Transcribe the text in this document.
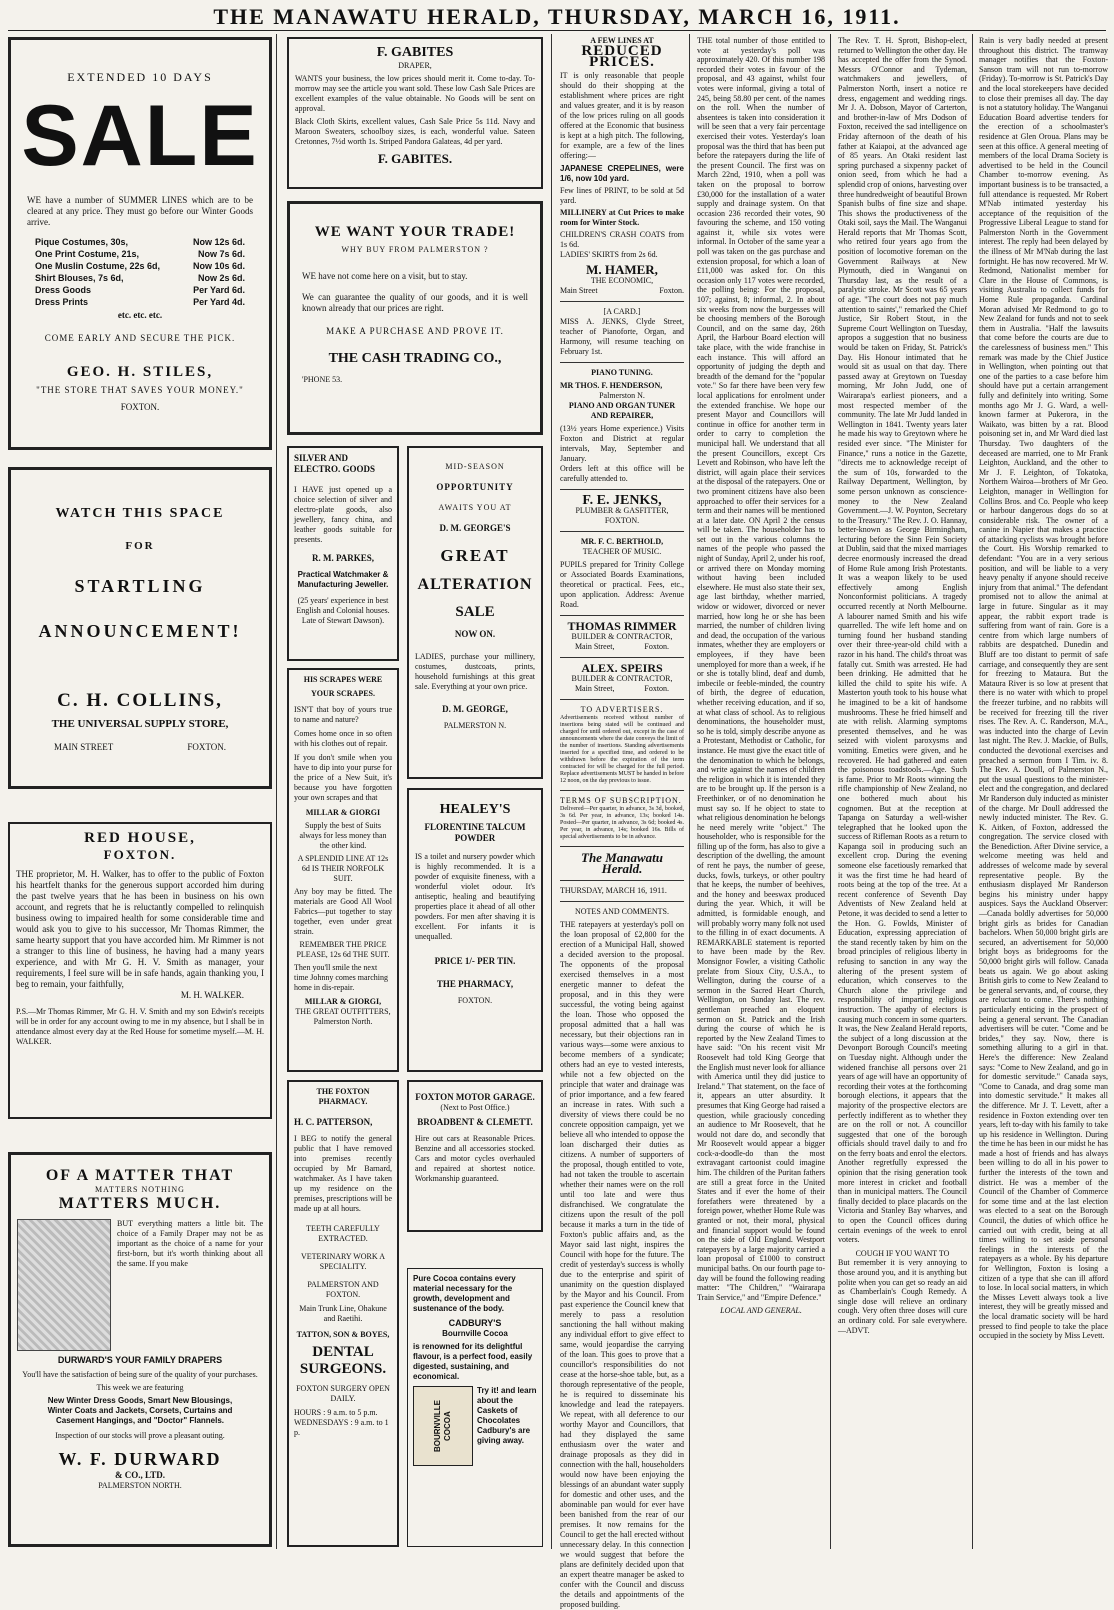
THE MANAWATU HERALD, THURSDAY, MARCH 16, 1911.
EXTENDED 10 DAYS
SALE
WE have a number of SUMMER LINES which are to be cleared at any price. They must go before our Winter Goods arrive.
Pique Costumes, 30s,	Now 12s 6d.
One Print Costume, 21s,	Now 7s 6d.
One Muslin Costume, 22s 6d,	Now 10s 6d.
Shirt Blouses, 7s 6d,	Now 2s 6d.
Dress Goods	Per Yard 6d.
Dress Prints	Per Yard 4d.
etc. etc. etc.
COME EARLY AND SECURE THE PICK.
GEO. H. STILES,
"THE STORE THAT SAVES YOUR MONEY."
FOXTON.
WATCH THIS SPACE
FOR
STARTLING
ANNOUNCEMENT!
C. H. COLLINS,
THE UNIVERSAL SUPPLY STORE,
MAIN STREET	FOXTON.
RED HOUSE,
FOXTON.
THE proprietor, M. H. Walker, has to offer to the public of Foxton his heartfelt thanks for the generous support accorded him during the past twelve years that he has been in business on his own account, and regrets that he is reluctantly compelled to relinquish business owing to impaired health for some considerable time and would ask you to give to his successor, Mr Thomas Rimmer, the same hearty support that you have accorded him. Mr Rimmer is not a stranger to this line of business, he having had a many years experience, and with Mr G. H. V. Smith as manager, your requirements, I feel sure will be in safe hands, again thanking you, I beg to remain, your faithfully,
M. H. WALKER.
P.S.—Mr Thomas Rimmer, Mr G. H. V. Smith and my son Edwin's receipts will be in order for any account owing to me in my absence, but I shall be in attendance almost every day at the Red House for sometime myself.—M. H. WALKER.
OF A MATTER THAT
MATTERS NOTHING
MATTERS MUCH.
BUT everything matters a little bit. The choice of a Family Draper may not be as important as the choice of a name for your first-born, but it's worth thinking about all the same. If you make
DURWARD'S YOUR FAMILY DRAPERS
You'll have the satisfaction of being sure of the quality of your purchases.
This week we are featuring
New Winter Dress Goods, Smart New Blousings, Winter Coats and Jackets, Corsets, Curtains and Casement Hangings, and "Doctor" Flannels.
Inspection of our stocks will prove a pleasant outing.
W. F. DURWARD
& CO., LTD.
PALMERSTON NORTH.
F. GABITES
DRAPER,
WANTS your business, the low prices should merit it. Come to-day. To-morrow may see the article you want sold. These low Cash Sale Prices are excellent examples of the value obtainable. No Goods will be sent on approval.
Black Cloth Skirts, excellent values, Cash Sale Price 5s 11d. Navy and Maroon Sweaters, schoolboy sizes, is each, wonderful value. Sateen Cretonnes, 7½d worth 1s. Striped Pandora Galateas, 4d per yard.
F. GABITES.
WE WANT YOUR TRADE!
WHY BUY FROM PALMERSTON ?
WE have not come here on a visit, but to stay.
We can guarantee the quality of our goods, and it is well known already that our prices are right.
MAKE A PURCHASE AND PROVE IT.
THE CASH TRADING CO.,
'PHONE 53.
SILVER AND ELECTRO. GOODS
I HAVE just opened up a choice selection of silver and electro-plate goods, also jewellery, fancy china, and leather goods suitable for presents.
R. M. PARKES,
Practical Watchmaker & Manufacturing Jeweller.
(25 years' experience in best English and Colonial houses. Late of Stewart Dawson).
MID-SEASON
OPPORTUNITY
AWAITS YOU AT
D. M. GEORGE'S
GREAT
ALTERATION
SALE
NOW ON.
LADIES, purchase your millinery, costumes, dustcoats, prints, household furnishings at this great sale. Everything at your own price.
D. M. GEORGE,
PALMERSTON N.
HIS SCRAPES WERE
YOUR SCRAPES.
ISN'T that boy of yours true to name and nature?
Comes home once in so often with his clothes out of repair.
If you don't smile when you have to dip into your purse for the price of a New Suit, it's because you have forgotten your own scrapes and that
MILLAR & GIORGI
Supply the best of Suits always for less money than the other kind.
A SPLENDID LINE AT 12s 6d IS THEIR NORFOLK SUIT.
Any boy may be fitted. The materials are Good All Wool Fabrics—put together to stay together, even under great strain.
REMEMBER THE PRICE PLEASE, 12s 6d THE SUIT.
Then you'll smile the next time Johnny comes marching home in dis-repair.
MILLAR & GIORGI,
THE GREAT OUTFITTERS,
Palmerston North.
HEALEY'S
FLORENTINE TALCUM POWDER
IS a toilet and nursery powder which is highly recommended. It is a powder of exquisite fineness, with a wonderful violet odour. It's antiseptic, healing and beautifying properties place it ahead of all other powders. For men after shaving it is excellent. For infants it is unequalled.
PRICE 1/- PER TIN.
THE PHARMACY,
FOXTON.
THE FOXTON PHARMACY.
H. C. PATTERSON,
I BEG to notify the general public that I have removed into premises recently occupied by Mr Barnard, watchmaker. As I have taken up my residence on the premises, prescriptions will be made up at all hours.
TEETH CAREFULLY EXTRACTED.
VETERINARY WORK A SPECIALITY.
PALMERSTON AND FOXTON.
Main Trunk Line, Ohakune and Raetihi.
TATTON, SON & BOYES,
DENTAL
SURGEONS.
FOXTON SURGERY OPEN DAILY.
HOURS : 9 a.m. to 5 p.m.
WEDNESDAYS : 9 a.m. to 1 p.
FOXTON MOTOR GARAGE.
(Next to Post Office.)
BROADBENT & CLEMETT.
Hire out cars at Reasonable Prices. Benzine and all accessories stocked. Cars and motor cycles overhauled and repaired at shortest notice. Workmanship guaranteed.
Pure Cocoa contains every material necessary for the growth, development and sustenance of the body.
CADBURY'S
Bournville Cocoa
is renowned for its delightful flavour, is a perfect food, easily digested, sustaining, and economical.
BOURNVILLE COCOA
Try it! and learn about the Caskets of Chocolates Cadbury's are giving away.
A FEW LINES AT
REDUCED PRICES.
IT is only reasonable that people should do their shopping at the establishment where prices are right and values greater, and it is by reason of the low prices ruling on all goods offered at the Economic that business is kept at a high pitch. The following, for example, are a few of the lines offering:—
JAPANESE CREPELINES, were 1/6, now 10d yard.
Few lines of PRINT, to be sold at 5d yard.
MILLINERY at Cut Prices to make room for Winter Stock.
CHILDREN'S CRASH COATS from 1s 6d.
LADIES' SKIRTS from 2s 6d.
M. HAMER,
THE ECONOMIC,
Main Street	Foxton.
[A CARD.]
MISS A. JENKS, Clyde Street, teacher of Pianoforte, Organ, and Harmony, will resume teaching on February 1st.
PIANO TUNING.
MR THOS. F. HENDERSON,
Palmerston N.
PIANO AND ORGAN TUNER AND REPAIRER,
(13½ years Home experience.) Visits Foxton and District at regular intervals, May, September and January.
Orders left at this office will be carefully attended to.
F. E. JENKS,
PLUMBER & GASFITTER,
FOXTON.
MR. F. C. BERTHOLD,
TEACHER OF MUSIC.
PUPILS prepared for Trinity College or Associated Boards Examinations, theoretical or practical. Fees, etc., upon application. Address: Avenue Road.
THOMAS RIMMER
BUILDER & CONTRACTOR,
Main Street,	Foxton.
ALEX. SPEIRS
BUILDER & CONTRACTOR,
Main Street,	Foxton.
TO ADVERTISERS.
Advertisements received without number of insertions being stated will be continued and charged for until ordered out, except in the case of announcements where the date conveys the limit of the number of insertions. Standing advertisements inserted for a specified time, and ordered to be withdrawn before the expiration of the term contracted for will be charged for the full period. Replace advertisements MUST be handed in before 12 noon, on the day previous to issue.
TERMS OF SUBSCRIPTION.
Delivered—Per quarter, in advance, 3s 3d, booked, 3s 6d. Per year, in advance, 13s; booked 14s. Posted—Per quarter, in advance, 3s 6d; booked 4s. Per year, in advance, 14s; booked 16s. Bills of special advertisements to be in advance.
The Manawatu Herald.
THURSDAY, MARCH 16, 1911.
NOTES AND COMMENTS.
THE ratepayers at yesterday's poll on the loan proposal of £2,800 for the erection of a Municipal Hall, showed a decided aversion to the proposal. The opponents of the proposal exercised themselves in a most energetic manner to defeat the proposal, and in this they were successful, the voting being against the loan. Those who opposed the proposal admitted that a hall was necessary, but their objections ran in various ways—some were anxious to become members of a syndicate; others had an eye to vested interests, while not a few objected on the principle that water and drainage was of prior importance, and a few feared an increase in rates. With such a diversity of views there could be no concrete opposition campaign, yet we believe all who intended to oppose the loan discharged their duties as citizens. A number of supporters of the proposal, though entitled to vote, had not taken the trouble to ascertain whether their names were on the roll until too late and were thus disfranchised. We congratulate the citizens upon the result of the poll because it marks a turn in the tide of Foxton's public affairs and, as the Mayor said last night, inspires the Council with hope for the future. The credit of yesterday's success is wholly due to the enterprise and spirit of unanimity on the question displayed by the Mayor and his Council. From past experience the Council knew that merely to pass a resolution sanctioning the hall without making any individual effort to give effect to same, would jeopardise the carrying of the loan. This goes to prove that a councillor's responsibilities do not cease at the horse-shoe table, but, as a thorough representative of the people, he is required to disseminate his knowledge and lead the ratepayers. We repeat, with all deference to our worthy Mayor and Councillors, that had they displayed the same enthusiasm over the water and drainage proposals as they did in connection with the hall, householders would now have been enjoying the blessings of an abundant water supply for domestic and other uses, and the abominable pan would for ever have been banished from the rear of our premises. It now remains for the Council to get the hall erected without unnecessary delay. In this connection we would suggest that before the plans are definitely decided upon that an expert theatre manager be asked to confer with the Council and discuss the details and appointments of the proposed building.
THE total number of those entitled to vote at yesterday's poll was approximately 420. Of this number 198 recorded their votes in favour of the proposal, and 43 against, whilst four votes were informal, giving a total of 245, being 58.80 per cent. of the names on the roll. When the number of absentees is taken into consideration it will be seen that a very fair percentage exercised their votes. Yesterday's loan proposal was the third that has been put before the ratepayers during the life of the present Council. The first was on March 22nd, 1910, when a poll was taken on the proposal to borrow £30,000 for the installation of a water supply and drainage system. On that occasion 236 recorded their votes, 90 favouring the scheme, and 150 voting against it, while six votes were informal. In October of the same year a poll was taken on the gas purchase and extension proposal, for which a loan of £11,000 was asked for. On this occasion only 117 votes were recorded, the polling being: For the proposal, 107; against, 8; informal, 2. In about six weeks from now the burgesses will be choosing members of the Borough Council, and on the same day, 26th April, the Harbour Board election will take place, with the wide franchise in each instance. This will afford an opportunity of judging the depth and breadth of the demand for the "popular vote." So far there have been very few local applications for enrolment under the extended franchise. We hope our present Mayor and Councillors will continue in office for another term in order to carry to completion the municipal hall. We understand that all the present Councillors, except Crs Levett and Robinson, who have left the district, will again place their services at the disposal of the ratepayers. One or two prominent citizens have also been approached to offer their services for a term and their names will be mentioned at a later date. ON April 2 the census will be taken. The householder has to set out in the various columns the names of the people who passed the night of Sunday, April 2, under his roof, or arrived there on Monday morning without having been included elsewhere. He must also state their sex, age last birthday, whether married, widow or widower, divorced or never married, how long he or she has been married, the number of children living and dead, the occupation of the various inmates, whether they are employers or employees, if they have been unemployed for more than a week, if he or she is totally blind, deaf and dumb, imbecile or feeble-minded, the country of birth, the degree of education, whether receiving education, and if so, at what class of school. As to religious denominations, the householder must, so he is told, simply describe anyone as a Protestant, Methodist or Catholic, for instance. He must give the exact title of the denomination to which he belongs, and write against the names of children the religion in which it is intended they are to be brought up. If the person is a Freethinker, or of no denomination he must say so. If he object to state to what religious denomination he belongs he need merely write "object." The householder, who is responsible for the filling up of the form, has also to give a description of the dwelling, the amount of rent he pays, the number of geese, ducks, fowls, turkeys, or other poultry that he keeps, the number of beehives, and the honey and beeswax produced during the year. Which, it will be admitted, is formidable enough, and will probably worry many folk not used to the filling in of exact documents. A REMARKABLE statement is reported to have been made by the Rev. Monsignor Fowler, a visiting Catholic prelate from Sioux City, U.S.A., to Wellington, during the course of a sermon in the Sacred Heart Church, Wellington, on Sunday last. The rev. gentleman preached an eloquent sermon on St. Patrick and the Irish during the course of which he is reported by the New Zealand Times to have said: "On his recent visit Mr Roosevelt had told King George that the English must never look for alliance with America until they did justice to Ireland." That statement, on the face of it, appears an utter absurdity. It presumes that King George had raised a question, while graciously conceding an audience to Mr Roosevelt, that he would not dare do, and secondly that Mr Roosevelt would appear a bigger cock-a-doodle-do than the most extravagant cartoonist could imagine him. The children of the Puritan fathers are still a great force in the United States and if ever the home of their forefathers were threatened by a foreign power, whether Home Rule was granted or not, their moral, physical and financial support would be found on the side of Old England. Westport ratepayers by a large majority carried a loan proposal of £1000 to construct municipal baths. On our fourth page to-day will be found the following reading matter: "The Children," "Wairarapa Train Service," and "Empire Defence."
LOCAL AND GENERAL.
The Rev. T. H. Sprott, Bishop-elect, returned to Wellington the other day. He has accepted the offer from the Synod. Messrs O'Connor and Tydeman, watchmakers and jewellers, of Palmerston North, insert a notice re dress, engagement and wedding rings. Mr J. A. Dobson, Mayor of Carterton, and brother-in-law of Mrs Dodson of Foxton, received the sad intelligence on Friday afternoon of the death of his father at Kaiapoi, at the advanced age of 85 years. An Otaki resident last spring purchased a sixpenny packet of onion seed, from which he had a splendid crop of onions, harvesting over three hundredweight of beautiful Brown Spanish bulbs of fine size and shape. This shows the productiveness of the Otaki soil, says the Mail. The Wanganui Herald reports that Mr Thomas Scott, who retired four years ago from the position of locomotive foreman on the Government Railways at New Plymouth, died in Wanganui on Thursday last, as the result of a paralytic stroke. Mr Scott was 65 years of age. "The court does not pay much attention to saints'," remarked the Chief Justice, Sir Robert Stout, in the Supreme Court Wellington on Tuesday, apropos a suggestion that no business would be taken on Friday, St. Patrick's Day. His Honour intimated that he would sit as usual on that day. There passed away at Greytown on Tuesday morning, Mr John Judd, one of Wairarapa's earliest pioneers, and a most respected member of the community. The late Mr Judd landed in Wellington in 1841. Twenty years later he made his way to Greytown where he resided ever since. "The Minister for Finance," runs a notice in the Gazette, "directs me to acknowledge receipt of the sum of 10s, forwarded to the Railway Department, Wellington, by some person unknown as conscience-money to the New Zealand Government.—J. W. Poynton, Secretary to the Treasury." The Rev. J. O. Hannay, better-known as George Birmingham, lecturing before the Sinn Fein Society at Dublin, said that the mixed marriages decree enormously increased the dread of Home Rule among Irish Protestants. It was a weapon likely to be used effectively among English Nonconformist politicians. A tragedy occurred recently at North Melbourne. A labourer named Smith and his wife quarrelled. The wife left home and on turning found her husband standing over their three-year-old child with a razor in his hand. The child's throat was fatally cut. Smith was arrested. He had been drinking. He admitted that he killed the child to spite his wife. A Masterton youth took to his house what he imagined to be a kit of handsome mushrooms. These he fried himself and ate with relish. Alarming symptoms presented themselves, and he was seized with violent paroxysms and vomiting. Emetics were given, and he recovered. He had gathered and eaten the poisonous toadstools.—Age. Such is fame. Prior to Mr Roots winning the rifle championship of New Zealand, no one bothered much about his cognomen. But at the reception at Tapanga on Saturday a well-wisher telegraphed that he looked upon the success of Rifleman Roots as a return to Kapanga soil in producing such an excellent crop. During the evening someone else facetiously remarked that it was the first time he had heard of roots being at the top of the tree. At a recent conference of Seventh Day Adventists of New Zealand held at Petone, it was decided to send a letter to the Hon. G. Fowlds, Minister of Education, expressing appreciation of the stand recently taken by him on the broad principles of religious liberty in refusing to sanction in any way the altering of the present system of education, which conserves to the Church alone the privilege and responsibility of imparting religious instruction. The apathy of electors is causing much concern in some quarters. It was, the New Zealand Herald reports, the subject of a long discussion at the Devonport Borough Council's meeting on Tuesday night. Although under the widened franchise all persons over 21 years of age will have an opportunity of recording their votes at the forthcoming borough elections, it appears that the majority of the prospective electors are perfectly indifferent as to whether they are on the roll or not. A councillor suggested that one of the borough officials should travel daily to and fro on the ferry boats and enrol the electors. Another regretfully expressed the opinion that the rising generation took more interest in cricket and football than in municipal matters. The Council finally decided to place placards on the Victoria and Stanley Bay wharves, and to open the Council offices during certain evenings of the week to enrol voters.
COUGH IF YOU WANT TO
But remember it is very annoying to those around you, and it is anything but polite when you can get so ready an aid as Chamberlain's Cough Remedy. A single dose will relieve an ordinary cough. Very often three doses will cure an ordinary cold. For sale everywhere.—ADVT.
Rain is very badly needed at present throughout this district. The tramway manager notifies that the Foxton-Sanson tram will not run to-morrow (Friday). To-morrow is St. Patrick's Day and the local storekeepers have decided to close their premises all day. The day is not a statutory holiday. The Wanganui Education Board advertise tenders for the erection of a schoolmaster's residence at Glen Oroua. Plans may be seen at this office. A general meeting of members of the local Drama Society is advertised to be held in the Council Chamber to-morrow evening. As important business is to be transacted, a full attendance is requested. Mr Robert M'Nab intimated yesterday his acceptance of the requisition of the Progressive Liberal League to stand for Palmerston North in the Government interest. The reply had been delayed by the illness of Mr M'Nab during the last fortnight. He has now recovered. Mr W. Redmond, Nationalist member for Clare in the House of Commons, is visiting Australia to collect funds for Home Rule propaganda. Cardinal Moran advised Mr Redmond to go to New Zealand for funds and not to seek them in Australia. "Half the lawsuits that come before the courts are due to the carelessness of business men." This remark was made by the Chief Justice in Wellington, when pointing out that one of the parties to a case before him should have put a certain arrangement fully and definitely into writing. Some months ago Mr J. G. Ward, a well-known farmer at Pukerora, in the Waikato, was bitten by a rat. Blood poisoning set in, and Mr Ward died last Thursday. Two daughters of the deceased are married, one to Mr Frank Leighton, Auckland, and the other to Mr J. F. Leighton, of Tokatoka, Northern Wairoa—brothers of Mr Geo. Leighton, manager in Wellington for Collins Bros. and Co. People who keep or harbour dangerous dogs do so at considerable risk. The owner of a canine in Napier that makes a practice of attacking cyclists was brought before the Court. His Worship remarked to defendant: "You are in a very serious position, and will be liable to a very heavy penalty if anyone should receive injury from that animal." The defendant promised not to allow the animal at large in future. Singular as it may appear, the rabbit export trade is suffering from want of rain. Gore is a centre from which large numbers of rabbits are despatched. Dunedin and Bluff are too distant to permit of safe carriage, and consequently they are sent for freezing to Mataura. But the Mataura River is so low at present that there is no water with which to propel the freezer turbine, and no rabbits will be received for freezing till the river rises. The Rev. A. C. Randerson, M.A., was inducted into the charge of Levin last night. The Rev. J. Mackie, of Bulls, conducted the devotional exercises and preached a sermon from I Tim. iv. 8. The Rev. A. Doull, of Palmerston N., put the usual questions to the minister-elect and the congregation, and declared Mr Randerson duly inducted as minister of the charge. Mr Doull addressed the newly inducted minister. The Rev. G. K. Aitken, of Foxton, addressed the congregation. The service closed with the Benediction. After Divine service, a welcome meeting was held and addresses of welcome made by several representative people. By the enthusiasm displayed Mr Randerson begins his ministry under happy auspices. Says the Auckland Observer:—Canada boldly advertises for 50,000 bright girls as brides for Canadian bachelors. When 50,000 bright girls are secured, an advertisement for 50,000 bright boys as bridegrooms for the 50,000 bright girls will follow. Canada beats us again. We go about asking British girls to come to New Zealand to be general servants, and, of course, they are reluctant to come. There's nothing particularly enticing in the prospect of being a general servant. The Canadian advertisers will be cuter. "Come and be brides," they say. Now, there is something alluring to a girl in that. Here's the difference: New Zealand says: "Come to New Zealand, and go in for domestic servitude." Canada says, "Come to Canada, and drag some man into domestic servitude." It makes all the difference. Mr J. T. Levett, after a residence in Foxton extending over ten years, left to-day with his family to take up his residence in Wellington. During the time he has been in our midst he has made a host of friends and has always been willing to do all in his power to further the interests of the town and district. He was a member of the Council of the Chamber of Commerce for some time and at the last election was elected to a seat on the Borough Council, the duties of which office he carried out with credit, being at all times willing to set aside personal feelings in the interests of the ratepayers as a whole. By his departure for Wellington, Foxton is losing a citizen of a type that she can ill afford to lose. In local social matters, in which the Misses Levett always took a live interest, they will be greatly missed and the local dramatic society will be hard pressed to find people to take the place occupied in the society by Miss Levett.
